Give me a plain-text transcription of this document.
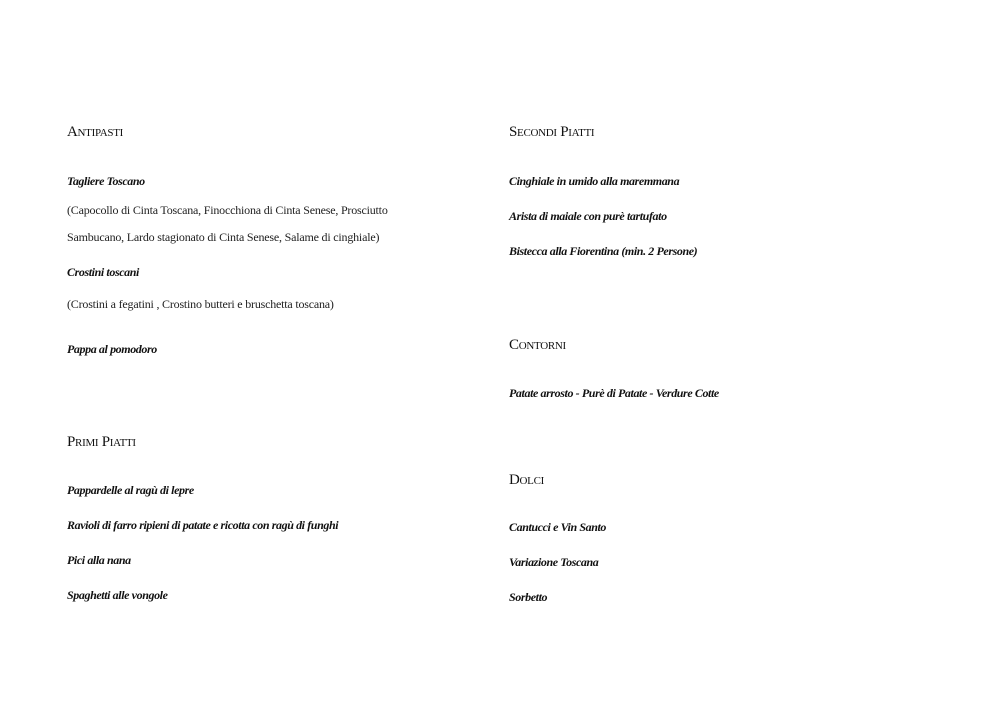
Antipasti
Tagliere Toscano
(Capocollo di Cinta Toscana, Finocchiona di Cinta Senese, Prosciutto
Sambucano, Lardo stagionato di Cinta Senese, Salame di cinghiale)
Crostini toscani
(Crostini a fegatini , Crostino butteri e bruschetta toscana)
Pappa al pomodoro
Primi Piatti
Pappardelle al ragù di lepre
Ravioli di farro ripieni di patate e ricotta con ragù di funghi
Pici alla nana
Spaghetti alle vongole
Secondi Piatti
Cinghiale in umido alla maremmana
Arista di maiale con purè tartufato
Bistecca alla Fiorentina (min. 2 Persone)
Contorni
Patate arrosto - Purè di Patate - Verdure Cotte
Dolci
Cantucci e Vin Santo
Variazione Toscana
Sorbetto
